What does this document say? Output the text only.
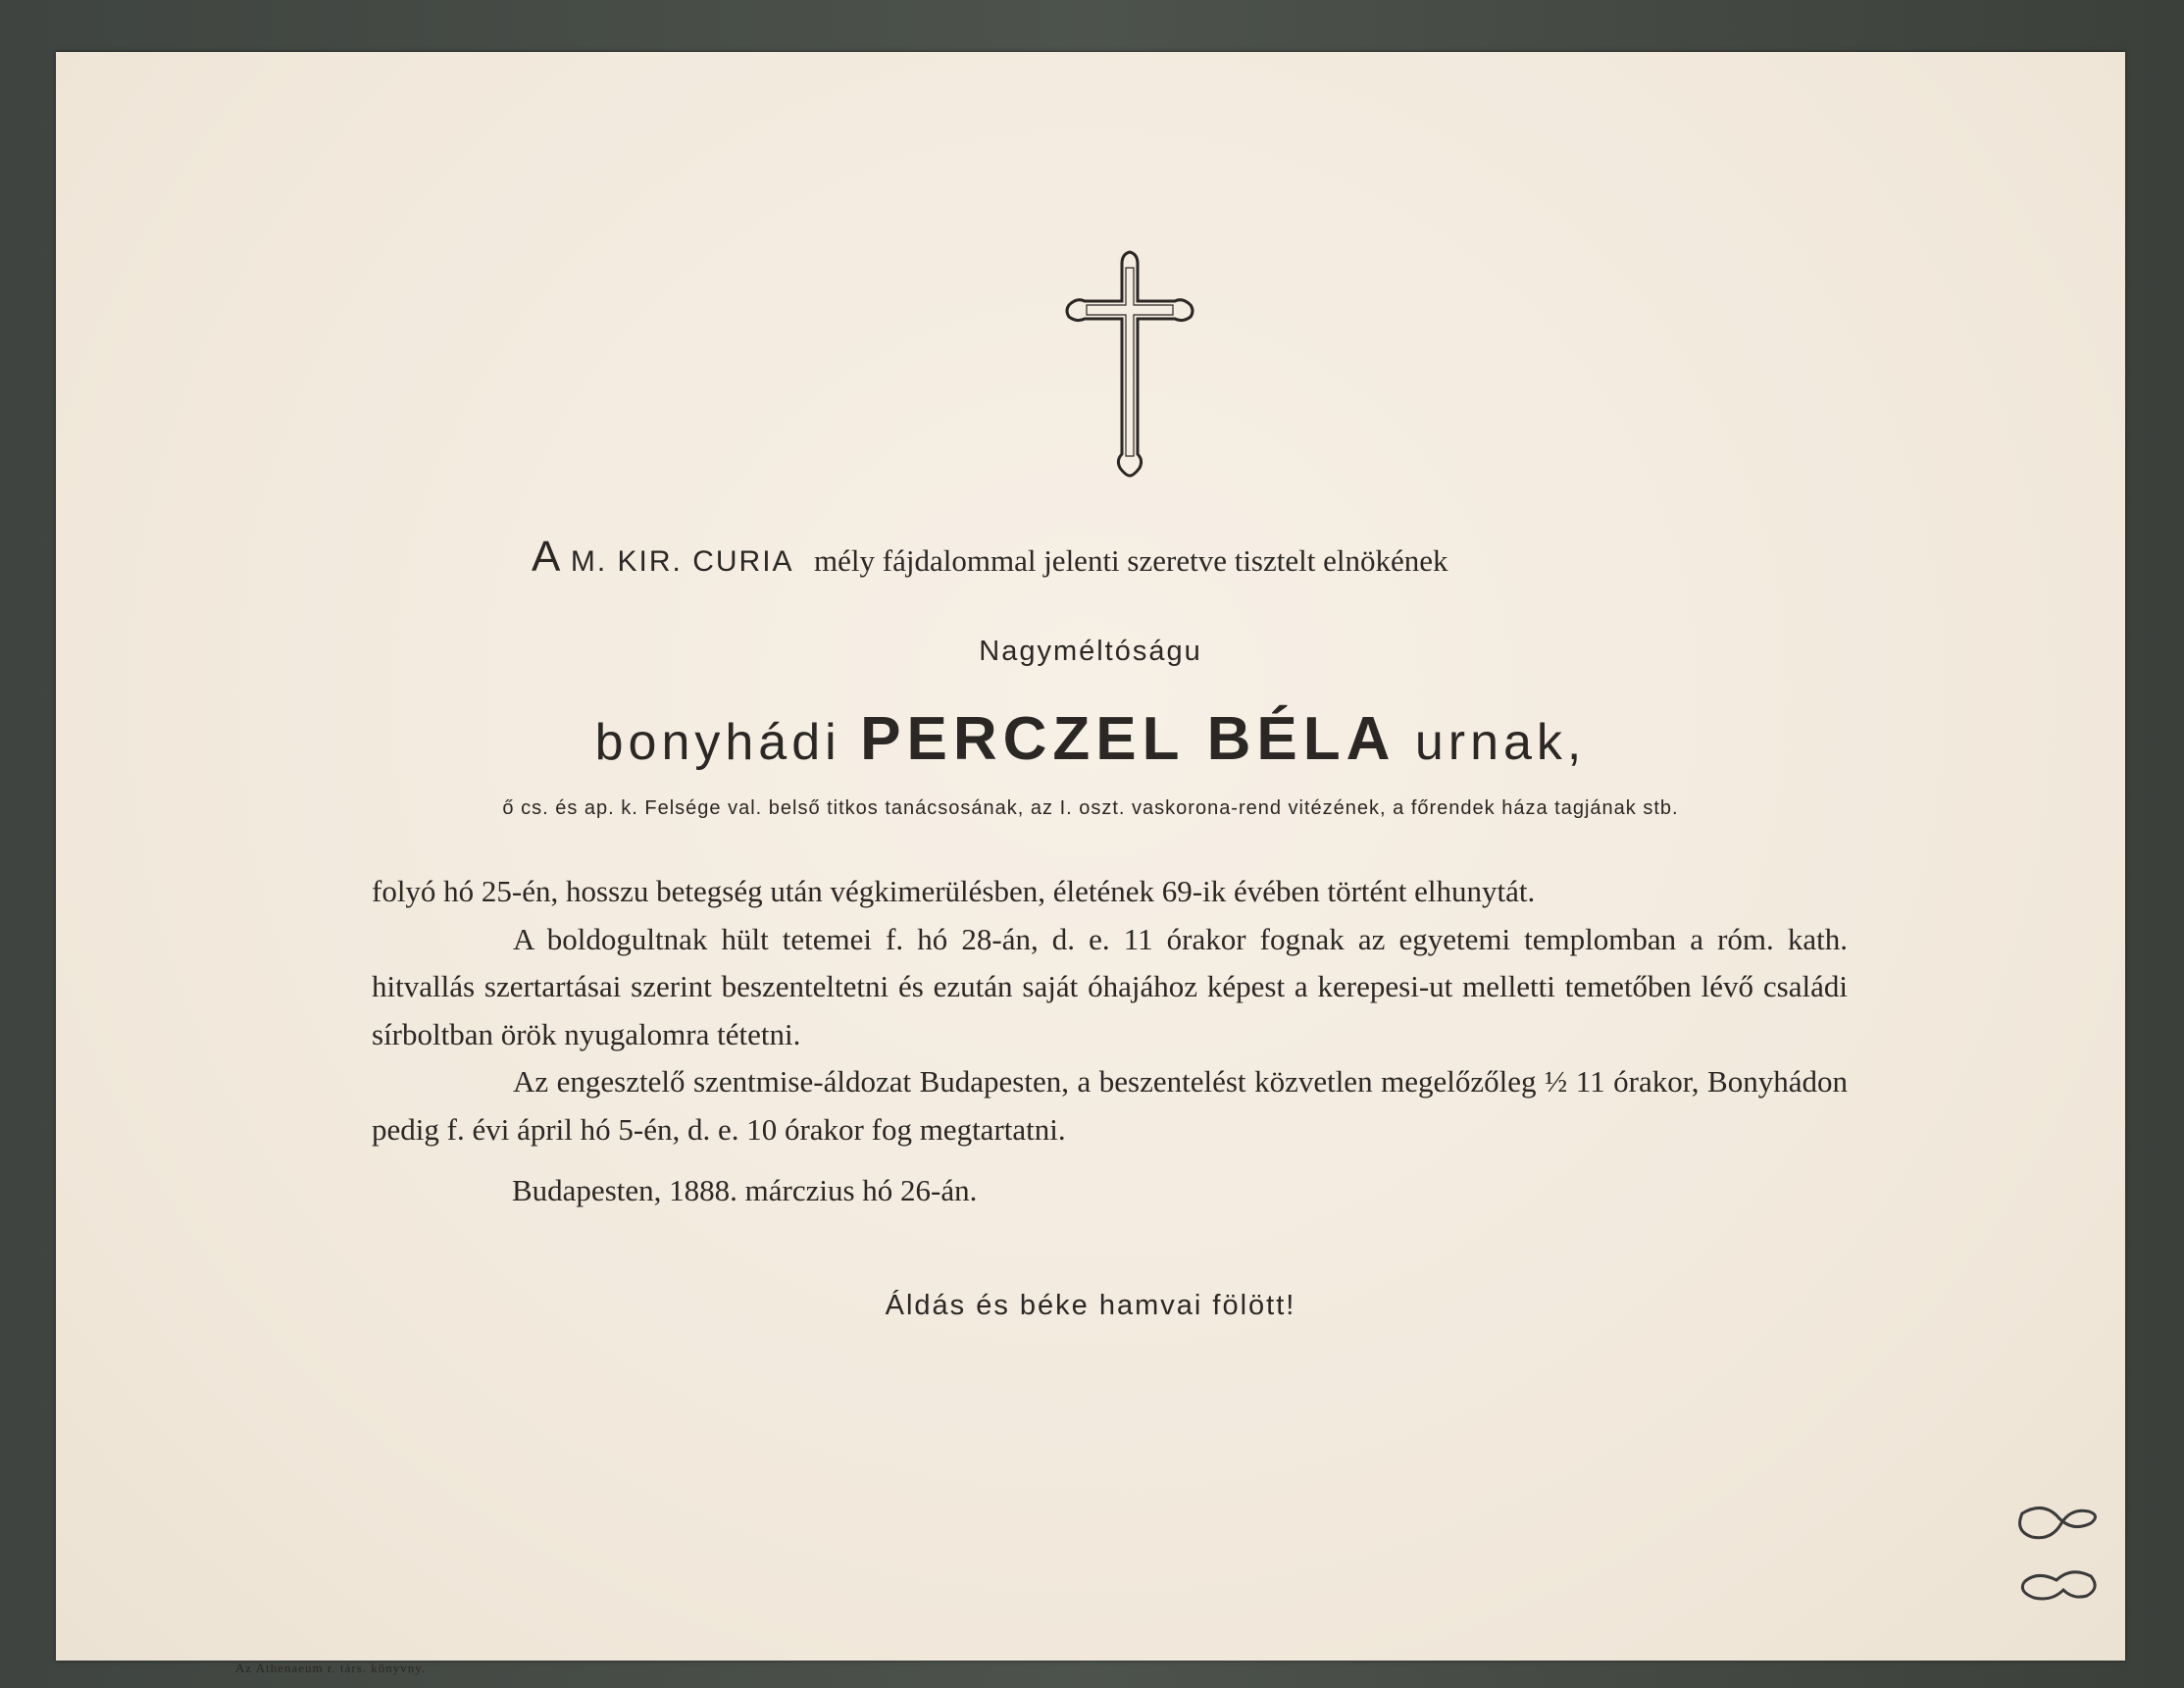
A M. KIR. CURIA mély fájdalommal jelenti szeretve tisztelt elnökének
Nagyméltóságu
bonyhádi PERCZEL BÉLA urnak,
ő cs. és ap. k. Felsége val. belső titkos tanácsosának, az I. oszt. vaskorona-rend vitézének, a főrendek háza tagjának stb.

folyó hó 25-én, hosszu betegség után végkimerülésben, életének 69-ik évében történt elhunytát.

A boldogultnak hült tetemei f. hó 28-án, d. e. 11 órakor fognak az egyetemi templomban a róm. kath. hitvallás szertartásai szerint beszenteltetni és ezután saját óhajához képest a kerepesi-ut melletti temetőben lévő családi sírboltban örök nyugalomra tétetni.

Az engesztelő szentmise-áldozat Budapesten, a beszentelést közvetlen megelőzőleg ½ 11 órakor, Bonyhádon pedig f. évi ápril hó 5-én, d. e. 10 órakor fog megtartatni.

Budapesten, 1888. márczius hó 26-án.
Áldás és béke hamvai fölött!
Az Athenaeum r. társ. könyvny.
